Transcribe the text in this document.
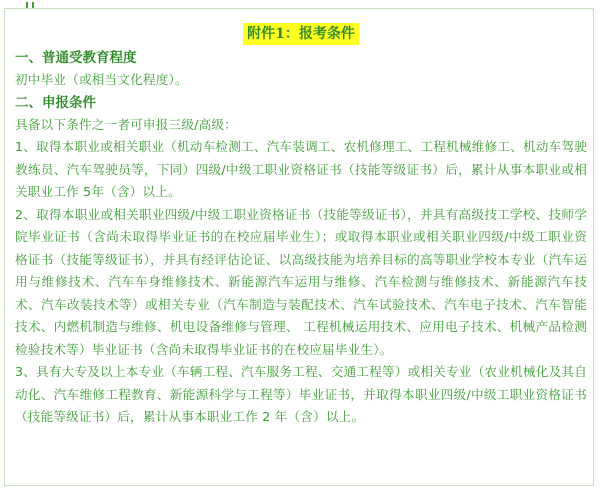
附件1：报考条件
一、普通受教育程度

初中毕业（或相当文化程度）。

二、申报条件

具备以下条件之一者可申报三级/高级：

1、取得本职业或相关职业（机动车检测工、汽车装调工、农机修理工、工程机械维修工、机动车驾驶教练员、汽车驾驶员等，下同）四级/中级工职业资格证书（技能等级证书）后，累计从事本职业或相关职业工作 5年（含）以上。

2、取得本职业或相关职业四级/中级工职业资格证书（技能等级证书），并具有高级技工学校、技师学院毕业证书（含尚未取得毕业证书的在校应届毕业生）；或取得本职业或相关职业四级/中级工职业资格证书（技能等级证书），并具有经评估论证、以高级技能为培养目标的高等职业学校本专业（汽车运用与维修技术、汽车车身维修技术、新能源汽车运用与维修、汽车检测与维修技术、新能源汽车技术、汽车改装技术等）或相关专业（汽车制造与装配技术、汽车试验技术、汽车电子技术、汽车智能技术、内燃机制造与维修、机电设备维修与管理、 工程机械运用技术、应用电子技术、机械产品检测检验技术等）毕业证书（含尚未取得毕业证书的在校应届毕业生）。

3、具有大专及以上本专业（车辆工程、汽车服务工程、交通工程等）或相关专业（农业机械化及其自动化、汽车维修工程教育、新能源科学与工程等）毕业证书，并取得本职业四级/中级工职业资格证书（技能等级证书）后，累计从事本职业工作 2 年（含）以上。
